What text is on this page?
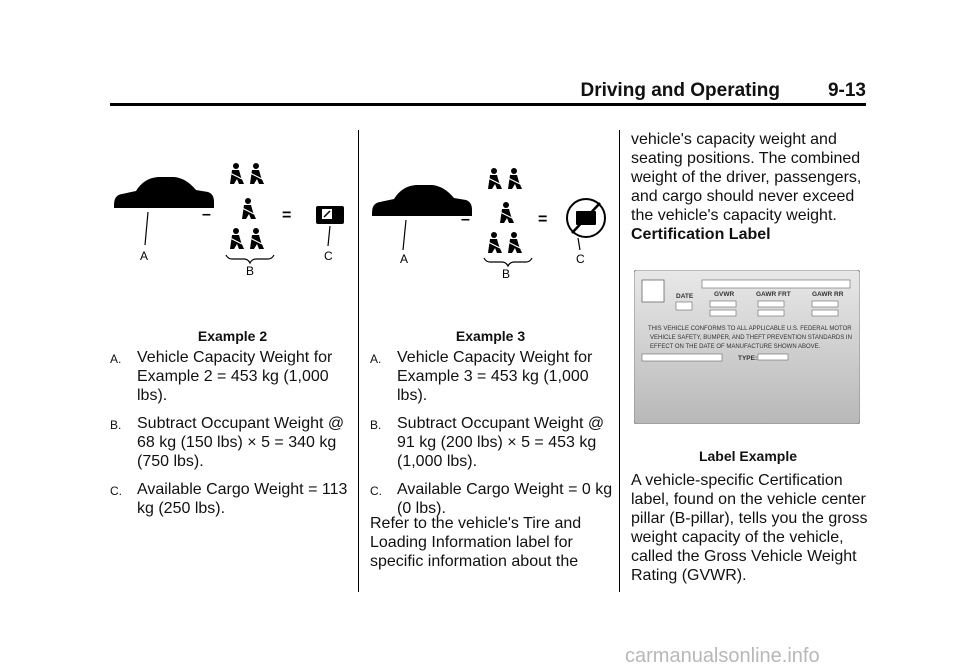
Driving and Operating	9-13
A
–
B
=
C
Example 2
A. Vehicle Capacity Weight for Example 2 = 453 kg (1,000 lbs).
B. Subtract Occupant Weight @ 68 kg (150 lbs) × 5 = 340 kg (750 lbs).
C. Available Cargo Weight = 113 kg (250 lbs).
A
–
B
=
C
Example 3
A. Vehicle Capacity Weight for Example 3 = 453 kg (1,000 lbs).
B. Subtract Occupant Weight @ 91 kg (200 lbs) × 5 = 453 kg (1,000 lbs).
C. Available Cargo Weight = 0 kg (0 lbs).

Refer to the vehicle's Tire and Loading Information label for specific information about the

vehicle's capacity weight and seating positions. The combined weight of the driver, passengers, and cargo should never exceed the vehicle's capacity weight.

Certification Label
DATE	GVWR	GAWR FRT	GAWR RR
THIS VEHICLE CONFORMS TO ALL APPLICABLE U.S. FEDERAL MOTOR
VEHICLE SAFETY, BUMPER, AND THEFT PREVENTION STANDARDS IN
EFFECT ON THE DATE OF MANUFACTURE SHOWN ABOVE.
TYPE:
Label Example

A vehicle-specific Certification label, found on the vehicle center pillar (B-pillar), tells you the gross weight capacity of the vehicle, called the Gross Vehicle Weight Rating (GVWR).

carmanualsonline.info
